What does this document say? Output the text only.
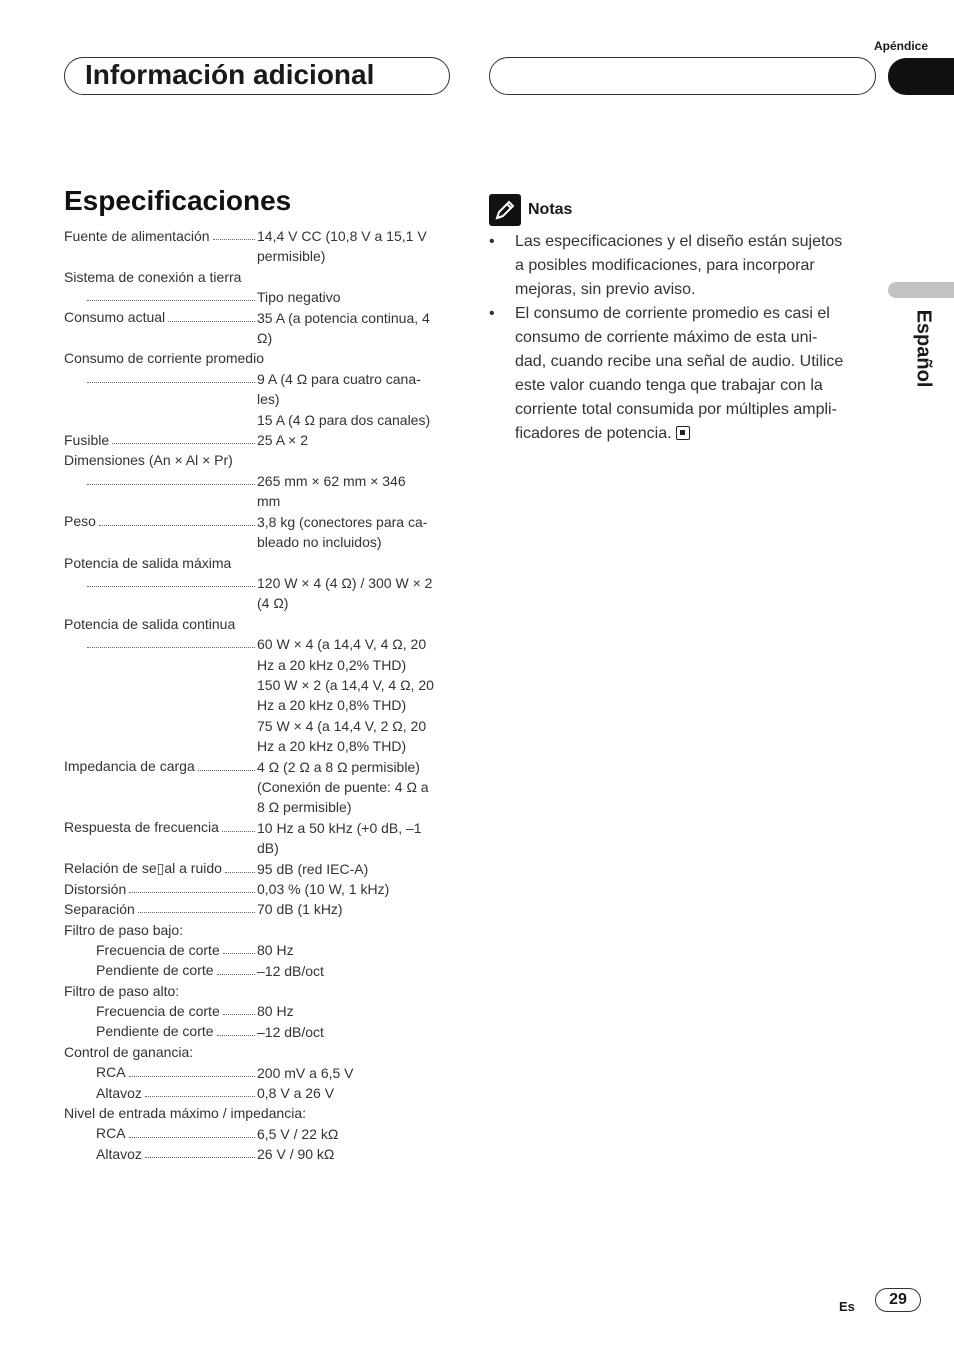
Apéndice
Información adicional
Español
Especificaciones
Fuente de alimentación	14,4 V CC (10,8 V a 15,1 V
permisible)
Sistema de conexión a tierra
Tipo negativo
Consumo actual	35 A (a potencia continua, 4
Ω)
Consumo de corriente promedio
9 A (4 Ω para cuatro cana-
les)
15 A (4 Ω para dos canales)
Fusible	25 A × 2
Dimensiones (An × Al × Pr)
265 mm × 62 mm × 346
mm
Peso	3,8 kg (conectores para ca-
bleado no incluidos)
Potencia de salida máxima
120 W × 4 (4 Ω) / 300 W × 2
(4 Ω)
Potencia de salida continua
60 W × 4 (a 14,4 V, 4 Ω, 20
Hz a 20 kHz 0,2% THD)
150 W × 2 (a 14,4 V, 4 Ω, 20
Hz a 20 kHz 0,8% THD)
75 W × 4 (a 14,4 V, 2 Ω, 20
Hz a 20 kHz 0,8% THD)
Impedancia de carga	4 Ω (2 Ω a 8 Ω permisible)
(Conexión de puente: 4 Ω a
8 Ω permisible)
Respuesta de frecuencia	10 Hz a 50 kHz (+0 dB, –1
dB)
Relación de se▯al a ruido	95 dB (red IEC-A)
Distorsión	0,03 % (10 W, 1 kHz)
Separación	70 dB (1 kHz)
Filtro de paso bajo:
Frecuencia de corte	80 Hz
Pendiente de corte	–12 dB/oct
Filtro de paso alto:
Frecuencia de corte	80 Hz
Pendiente de corte	–12 dB/oct
Control de ganancia:
RCA	200 mV a 6,5 V
Altavoz	0,8 V a 26 V
Nivel de entrada máximo / impedancia:
RCA	6,5 V / 22 kΩ
Altavoz	26 V / 90 kΩ
Notas
• Las especificaciones y el diseño están sujetos
a posibles modificaciones, para incorporar
mejoras, sin previo aviso.
• El consumo de corriente promedio es casi el
consumo de corriente máximo de esta uni-
dad, cuando recibe una señal de audio. Utilice
este valor cuando tenga que trabajar con la
corriente total consumida por múltiples ampli-
ficadores de potencia.
Es	29
